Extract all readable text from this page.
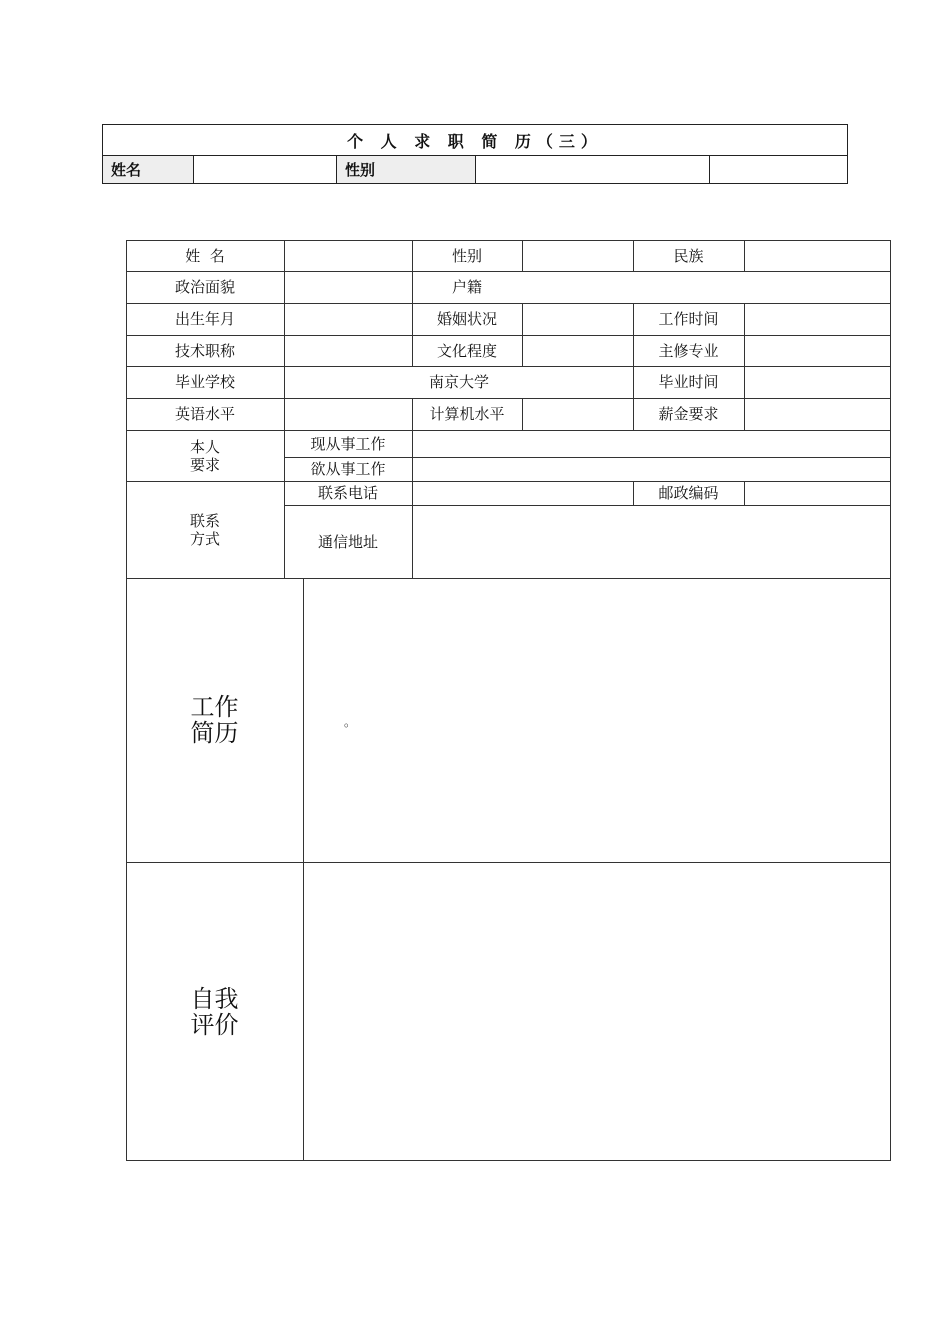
个 人 求 职 简 历（三）
姓名	性别
姓  名	性别	民族
政治面貌	户籍
出生年月	婚姻状况	工作时间
技术职称	文化程度	主修专业
毕业学校	南京大学	毕业时间
英语水平	计算机水平	薪金要求
本人
要求
现从事工作
欲从事工作
联系
方式
联系电话	邮政编码
通信地址
工作
简历	。
自我
评价
